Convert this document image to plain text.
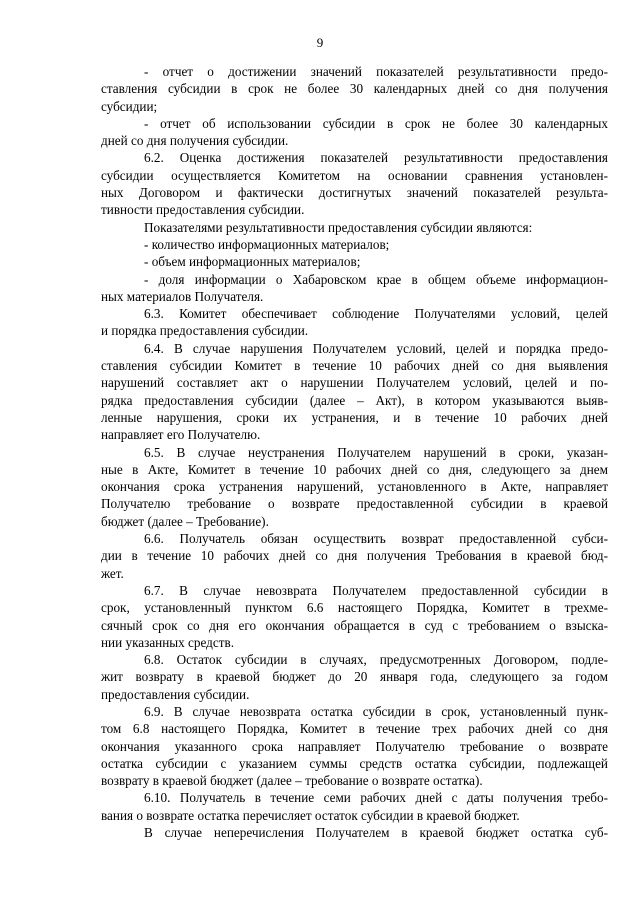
9
- отчет о достижении значений показателей результативности предо-
ставления субсидии в срок не более 30 календарных дней со дня получения
субсидии;
- отчет об использовании субсидии в срок не более 30 календарных
дней со дня получения субсидии.
6.2. Оценка достижения показателей результативности предоставления
субсидии осуществляется Комитетом на основании сравнения установлен-
ных Договором и фактически достигнутых значений показателей результа-
тивности предоставления субсидии.
Показателями результативности предоставления субсидии являются:
- количество информационных материалов;
- объем информационных материалов;
- доля информации о Хабаровском крае в общем объеме информацион-
ных материалов Получателя.
6.3. Комитет обеспечивает соблюдение Получателями условий, целей
и порядка предоставления субсидии.
6.4. В случае нарушения Получателем условий, целей и порядка предо-
ставления субсидии Комитет в течение 10 рабочих дней со дня выявления
нарушений составляет акт о нарушении Получателем условий, целей и по-
рядка предоставления субсидии (далее – Акт), в котором указываются выяв-
ленные нарушения, сроки их устранения, и в течение 10 рабочих дней
направляет его Получателю.
6.5. В случае неустранения Получателем нарушений в сроки, указан-
ные в Акте, Комитет в течение 10 рабочих дней со дня, следующего за днем
окончания срока устранения нарушений, установленного в Акте, направляет
Получателю требование о возврате предоставленной субсидии в краевой
бюджет (далее – Требование).
6.6. Получатель обязан осуществить возврат предоставленной субси-
дии в течение 10 рабочих дней со дня получения Требования в краевой бюд-
жет.
6.7. В случае невозврата Получателем предоставленной субсидии в
срок, установленный пунктом 6.6 настоящего Порядка, Комитет в трехме-
сячный срок со дня его окончания обращается в суд с требованием о взыска-
нии указанных средств.
6.8. Остаток субсидии в случаях, предусмотренных Договором, подле-
жит возврату в краевой бюджет до 20 января года, следующего за годом
предоставления субсидии.
6.9. В случае невозврата остатка субсидии в срок, установленный пунк-
том 6.8 настоящего Порядка, Комитет в течение трех рабочих дней со дня
окончания указанного срока направляет Получателю требование о возврате
остатка субсидии с указанием суммы средств остатка субсидии, подлежащей
возврату в краевой бюджет (далее – требование о возврате остатка).
6.10. Получатель в течение семи рабочих дней с даты получения требо-
вания о возврате остатка перечисляет остаток субсидии в краевой бюджет.
В случае неперечисления Получателем в краевой бюджет остатка суб-
